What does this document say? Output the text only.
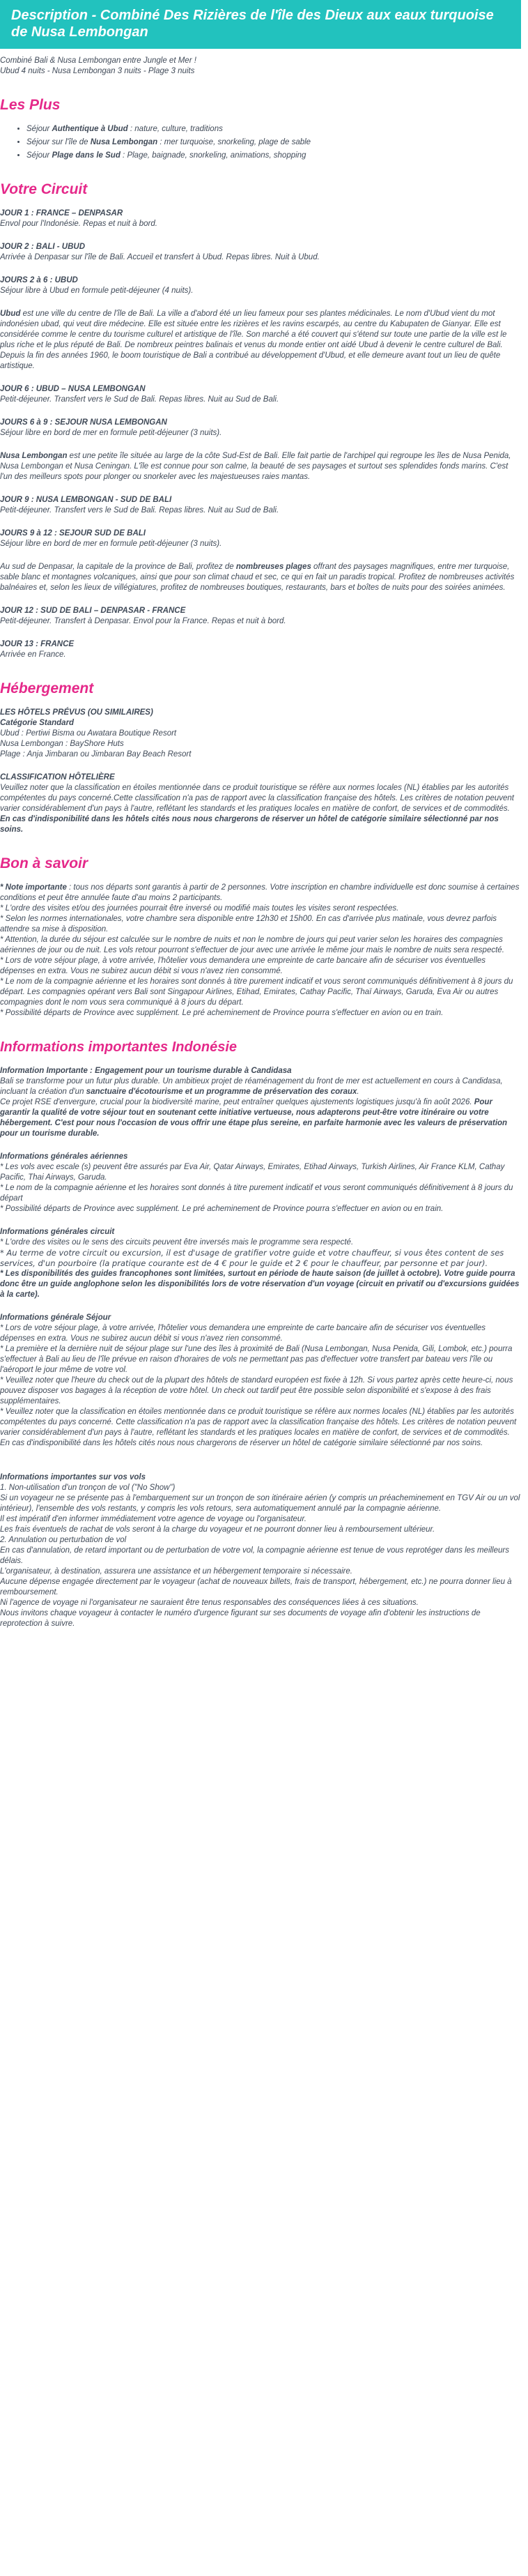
Description - Combiné Des Rizières de l'île des Dieux aux eaux turquoise de Nusa Lembongan

Combiné Bali & Nusa Lembongan entre Jungle et Mer !

Ubud 4 nuits - Nusa Lembongan 3 nuits - Plage 3 nuits

Les Plus
• Séjour Authentique à Ubud : nature, culture, traditions
• Séjour sur l'île de Nusa Lembongan : mer turquoise, snorkeling, plage de sable
• Séjour Plage dans le Sud : Plage, baignade, snorkeling, animations, shopping
Votre Circuit

JOUR 1 : FRANCE – DENPASAR

Envol pour l'Indonésie. Repas et nuit à bord.

JOUR 2 : BALI - UBUD

Arrivée à Denpasar sur l'île de Bali. Accueil et transfert à Ubud. Repas libres. Nuit à Ubud.

JOURS 2 à 6 : UBUD

Séjour libre à Ubud en formule petit-déjeuner (4 nuits).

Ubud est une ville du centre de l'île de Bali. La ville a d'abord été un lieu fameux pour ses plantes médicinales. Le nom d'Ubud vient du mot indonésien ubad, qui veut dire médecine. Elle est située entre les rizières et les ravins escarpés, au centre du Kabupaten de Gianyar. Elle est considérée comme le centre du tourisme culturel et artistique de l'île. Son marché a été couvert qui s'étend sur toute une partie de la ville est le plus riche et le plus réputé de Bali. De nombreux peintres balinais et venus du monde entier ont aidé Ubud à devenir le centre culturel de Bali. Depuis la fin des années 1960, le boom touristique de Bali a contribué au développement d'Ubud, et elle demeure avant tout un lieu de quête artistique.

JOUR 6 : UBUD – NUSA LEMBONGAN

Petit-déjeuner. Transfert vers le Sud de Bali. Repas libres. Nuit au Sud de Bali.

JOURS 6 à 9 : SEJOUR NUSA LEMBONGAN

Séjour libre en bord de mer en formule petit-déjeuner (3 nuits).

Nusa Lembongan est une petite île située au large de la côte Sud-Est de Bali. Elle fait partie de l'archipel qui regroupe les îles de Nusa Penida, Nusa Lembongan et Nusa Ceningan. L'île est connue pour son calme, la beauté de ses paysages et surtout ses splendides fonds marins. C'est l'un des meilleurs spots pour plonger ou snorkeler avec les majestueuses raies mantas.

JOUR 9 : NUSA LEMBONGAN - SUD DE BALI

Petit-déjeuner. Transfert vers le Sud de Bali. Repas libres. Nuit au Sud de Bali.

JOURS 9 à 12 : SEJOUR SUD DE BALI

Séjour libre en bord de mer en formule petit-déjeuner (3 nuits).

Au sud de Denpasar, la capitale de la province de Bali, profitez de nombreuses plages offrant des paysages magnifiques, entre mer turquoise, sable blanc et montagnes volcaniques, ainsi que pour son climat chaud et sec, ce qui en fait un paradis tropical. Profitez de nombreuses activités balnéaires et, selon les lieux de villégiatures, profitez de nombreuses boutiques, restaurants, bars et boîtes de nuits pour des soirées animées.

JOUR 12 : SUD DE BALI – DENPASAR - FRANCE

Petit-déjeuner. Transfert à Denpasar. Envol pour la France. Repas et nuit à bord.

JOUR 13 : FRANCE

Arrivée en France.

Hébergement

LES HÔTELS PRÉVUS (OU SIMILAIRES)

Catégorie Standard

Ubud : Pertiwi Bisma ou Awatara Boutique Resort

Nusa Lembongan : BayShore Huts

Plage : Anja Jimbaran ou Jimbaran Bay Beach Resort

CLASSIFICATION HÔTELIÈRE

Veuillez noter que la classification en étoiles mentionnée dans ce produit touristique se réfère aux normes locales (NL) établies par les autorités compétentes du pays concerné.Cette classification n'a pas de rapport avec la classification française des hôtels. Les critères de notation peuvent varier considérablement d'un pays à l'autre, reflétant les standards et les pratiques locales en matière de confort, de services et de commodités.

En cas d'indisponibilité dans les hôtels cités nous nous chargerons de réserver un hôtel de catégorie similaire sélectionné par nos soins.

Bon à savoir

* Note importante : tous nos départs sont garantis à partir de 2 personnes. Votre inscription en chambre individuelle est donc soumise à certaines conditions et peut être annulée faute d'au moins 2 participants.

* L'ordre des visites et/ou des journées pourrait être inversé ou modifié mais toutes les visites seront respectées.

* Selon les normes internationales, votre chambre sera disponible entre 12h30 et 15h00. En cas d'arrivée plus matinale, vous devrez parfois attendre sa mise à disposition.

* Attention, la durée du séjour est calculée sur le nombre de nuits et non le nombre de jours qui peut varier selon les horaires des compagnies aériennes de jour ou de nuit. Les vols retour pourront s'effectuer de jour avec une arrivée le même jour mais le nombre de nuits sera respecté.

* Lors de votre séjour plage, à votre arrivée, l'hôtelier vous demandera une empreinte de carte bancaire afin de sécuriser vos éventuelles dépenses en extra. Vous ne subirez aucun débit si vous n'avez rien consommé.

* Le nom de la compagnie aérienne et les horaires sont donnés à titre purement indicatif et vous seront communiqués définitivement à 8 jours du départ. Les compagnies opérant vers Bali sont Singapour Airlines, Etihad, Emirates, Cathay Pacific, Thaï Airways, Garuda, Eva Air ou autres compagnies dont le nom vous sera communiqué à 8 jours du départ.

* Possibilité départs de Province avec supplément. Le pré acheminement de Province pourra s'effectuer en avion ou en train.

Informations importantes Indonésie

Information Importante : Engagement pour un tourisme durable à Candidasa

Bali se transforme pour un futur plus durable. Un ambitieux projet de réaménagement du front de mer est actuellement en cours à Candidasa, incluant la création d'un sanctuaire d'écotourisme et un programme de préservation des coraux.

Ce projet RSE d'envergure, crucial pour la biodiversité marine, peut entraîner quelques ajustements logistiques jusqu'à fin août 2026. Pour garantir la qualité de votre séjour tout en soutenant cette initiative vertueuse, nous adapterons peut-être votre itinéraire ou votre hébergement. C'est pour nous l'occasion de vous offrir une étape plus sereine, en parfaite harmonie avec les valeurs de préservation pour un tourisme durable.

Informations générales aériennes

* Les vols avec escale (s) peuvent être assurés par Eva Air, Qatar Airways, Emirates, Etihad Airways, Turkish Airlines, Air France KLM, Cathay Pacific, Thai Airways, Garuda.

* Le nom de la compagnie aérienne et les horaires sont donnés à titre purement indicatif et vous seront communiqués définitivement à 8 jours du départ

* Possibilité départs de Province avec supplément. Le pré acheminement de Province pourra s'effectuer en avion ou en train.

Informations générales circuit

* L'ordre des visites ou le sens des circuits peuvent être inversés mais le programme sera respecté.

* Au terme de votre circuit ou excursion, il est d'usage de gratifier votre guide et votre chauffeur, si vous êtes content de ses services, d'un pourboire (la pratique courante est de 4 € pour le guide et 2 € pour le chauffeur, par personne et par jour).

* Les disponibilités des guides francophones sont limitées, surtout en période de haute saison (de juillet à octobre). Votre guide pourra donc être un guide anglophone selon les disponibilités lors de votre réservation d'un voyage (circuit en privatif ou d'excursions guidées à la carte).

Informations générale Séjour

* Lors de votre séjour plage, à votre arrivée, l'hôtelier vous demandera une empreinte de carte bancaire afin de sécuriser vos éventuelles dépenses en extra. Vous ne subirez aucun débit si vous n'avez rien consommé.

* La première et la dernière nuit de séjour plage sur l'une des îles à proximité de Bali (Nusa Lembongan, Nusa Penida, Gili, Lombok, etc.) pourra s'effectuer à Bali au lieu de l'île prévue en raison d'horaires de vols ne permettant pas pas d'effectuer votre transfert par bateau vers l'île ou l'aéroport le jour même de votre vol.

* Veuillez noter que l'heure du check out de la plupart des hôtels de standard européen est fixée à 12h. Si vous partez après cette heure-ci, nous pouvez disposer vos bagages à la réception de votre hôtel. Un check out tardif peut être possible selon disponibilité et s'expose à des frais supplémentaires.

* Veuillez noter que la classification en étoiles mentionnée dans ce produit touristique se réfère aux normes locales (NL) établies par les autorités compétentes du pays concerné. Cette classification n'a pas de rapport avec la classification française des hôtels. Les critères de notation peuvent varier considérablement d'un pays à l'autre, reflétant les standards et les pratiques locales en matière de confort, de services et de commodités. En cas d'indisponibilité dans les hôtels cités nous nous chargerons de réserver un hôtel de catégorie similaire sélectionné par nos soins.

Informations importantes sur vos vols

1. Non-utilisation d'un tronçon de vol ("No Show")

Si un voyageur ne se présente pas à l'embarquement sur un tronçon de son itinéraire aérien (y compris un préacheminement en TGV Air ou un vol intérieur), l'ensemble des vols restants, y compris les vols retours, sera automatiquement annulé par la compagnie aérienne.

Il est impératif d'en informer immédiatement votre agence de voyage ou l'organisateur.

Les frais éventuels de rachat de vols seront à la charge du voyageur et ne pourront donner lieu à remboursement ultérieur.

2. Annulation ou perturbation de vol

En cas d'annulation, de retard important ou de perturbation de votre vol, la compagnie aérienne est tenue de vous reprotéger dans les meilleurs délais.

L'organisateur, à destination, assurera une assistance et un hébergement temporaire si nécessaire.

Aucune dépense engagée directement par le voyageur (achat de nouveaux billets, frais de transport, hébergement, etc.) ne pourra donner lieu à remboursement.

Ni l'agence de voyage ni l'organisateur ne sauraient être tenus responsables des conséquences liées à ces situations.

Nous invitons chaque voyageur à contacter le numéro d'urgence figurant sur ses documents de voyage afin d'obtenir les instructions de reprotection à suivre.
